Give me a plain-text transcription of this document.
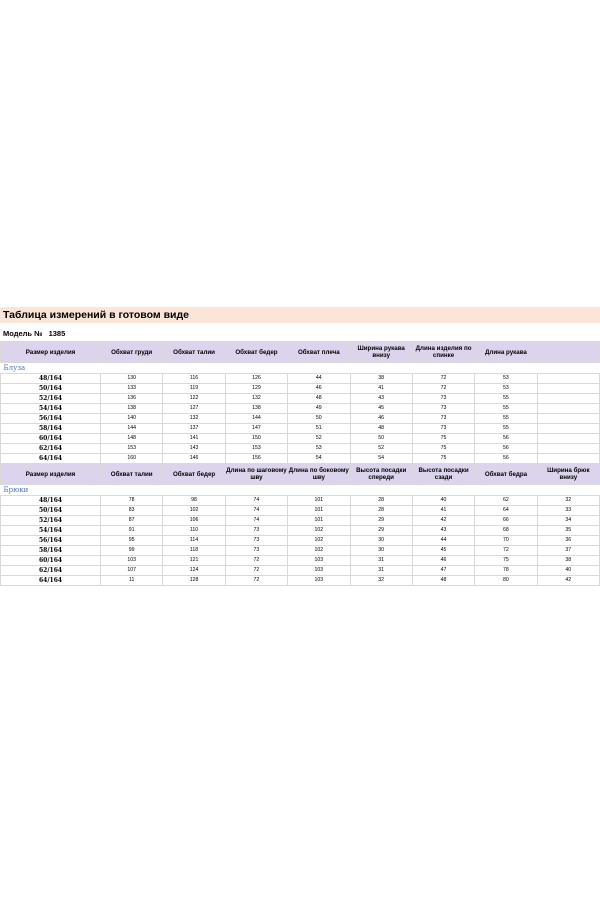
Таблица измерений в готовом виде
Модель № 1385
Размер изделия	Обхват груди	Обхват талии	Обхват бедер	Обхват плеча	Ширина рукава внизу	Длина изделия по спинке	Длина рукава	
Блуза								
48/164	130	116	126	44	38	72	53	
50/164	133	119	129	46	41	72	53	
52/164	136	122	132	48	43	73	55	
54/164	138	127	138	49	45	73	55	
56/164	140	132	144	50	46	73	55	
58/164	144	137	147	51	48	73	55	
60/164	148	141	150	52	50	75	56	
62/164	153	143	153	53	52	75	56	
64/164	160	146	156	54	54	75	56	
Размер изделия	Обхват талии	Обхват бедер	Длина по шаговому шву	Длина по боковому шву	Высота посадки спереди	Высота посадки сзади	Обхват бедра	Ширина брюк внизу
Брюки								
48/164	78	98	74	101	28	40	62	32
50/164	83	102	74	101	28	41	64	33
52/164	87	106	74	101	29	42	66	34
54/164	91	110	73	102	29	43	68	35
56/164	95	114	73	102	30	44	70	36
58/164	99	118	73	102	30	45	72	37
60/164	103	121	72	103	31	46	75	38
62/164	107	124	72	103	31	47	78	40
64/164	11	128	72	103	32	48	80	42
